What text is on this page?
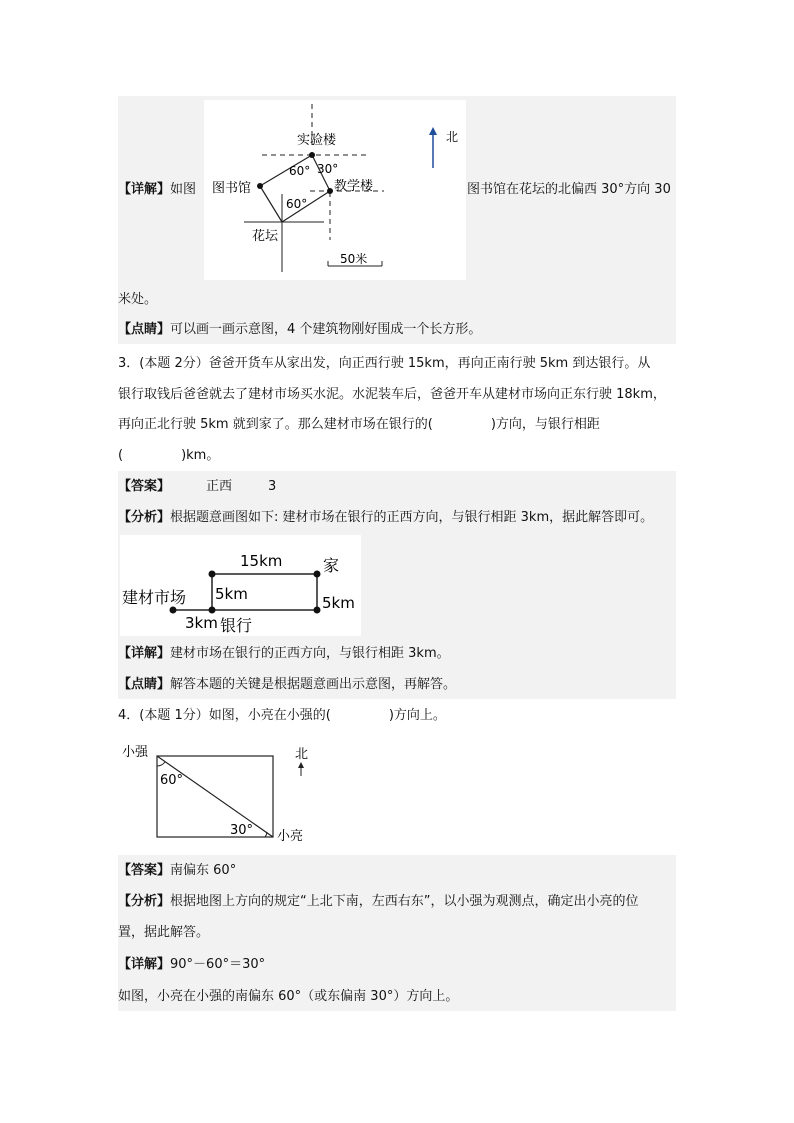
【详解】如图
实验楼
图书馆	教学楼
花坛
60° 30°
60°
北
50米
图书馆在花坛的北偏西 30°方向 30
米处。
【点睛】可以画一画示意图，4 个建筑物刚好围成一个长方形。
3．(本题 2分）爸爸开货车从家出发，向正西行驶 15km，再向正南行驶 5km 到达银行。从
银行取钱后爸爸就去了建材市场买水泥。水泥装车后，爸爸开车从建材市场向正东行驶 18km，
再向正北行驶 5km 就到家了。那么建材市场在银行的(	)方向，与银行相距
(	)km。
【答案】	正西	3
【分析】根据题意画图如下: 建材市场在银行的正西方向，与银行相距 3km，据此解答即可。
15km	家
5km	5km
建材市场
3km 银行
【详解】建材市场在银行的正西方向，与银行相距 3km。
【点睛】解答本题的关键是根据题意画出示意图，再解答。
4．(本题 1分）如图，小亮在小强的(	)方向上。
小强
小亮
60°
30°
北
【答案】南偏东 60°
【分析】根据地图上方向的规定“上北下南，左西右东”，以小强为观测点，确定出小亮的位
置，据此解答。
【详解】90°－60°＝30°
如图，小亮在小强的南偏东 60°（或东偏南 30°）方向上。
